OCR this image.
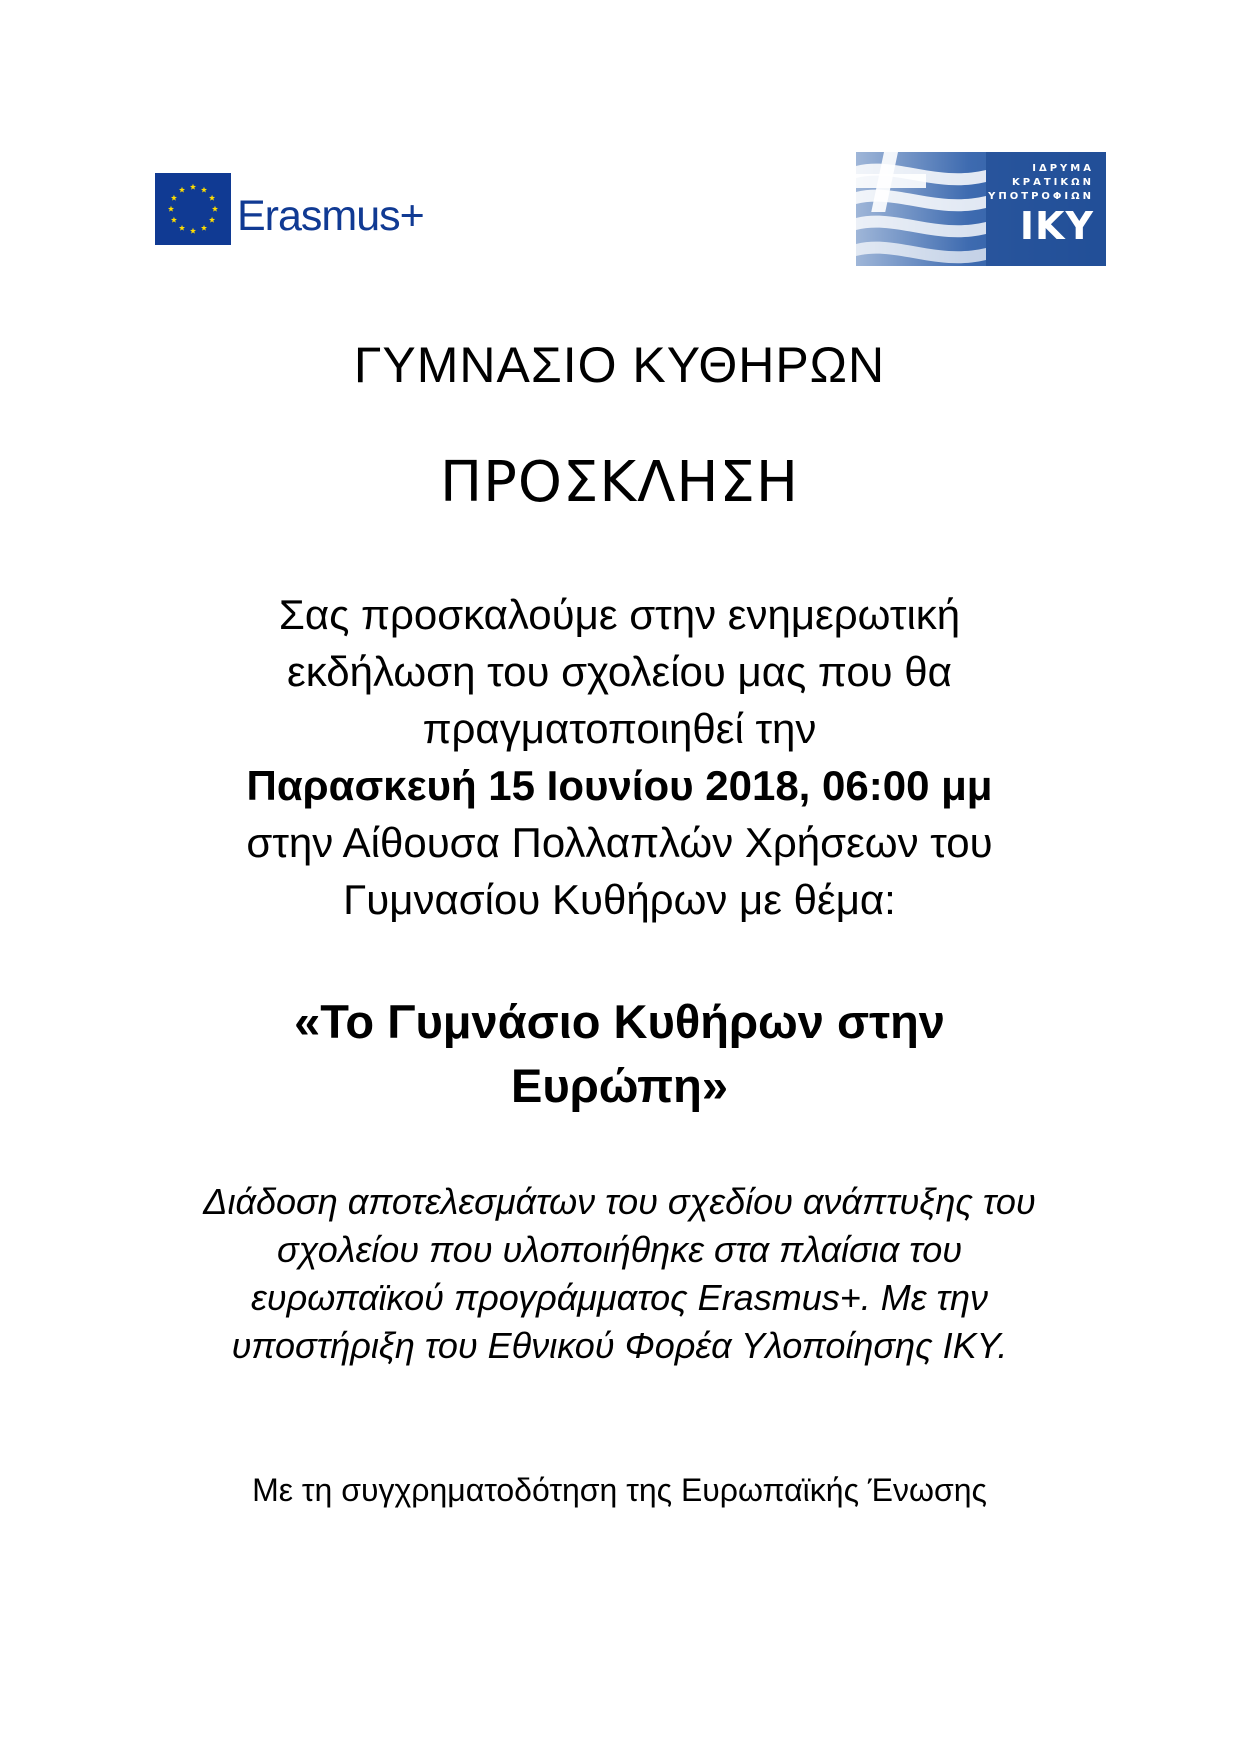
Erasmus+
ΙΔΡΥΜΑ
ΚΡΑΤΙΚΩΝ
ΥΠΟΤΡΟΦΙΩΝ
ΙΚΥ
ΓΥΜΝΑΣΙΟ ΚΥΘΗΡΩΝ
ΠΡΟΣΚΛΗΣΗ
Σας προσκαλούμε στην ενημερωτική
εκδήλωση του σχολείου μας που θα
πραγματοποιηθεί την
Παρασκευή 15 Ιουνίου 2018, 06:00 μμ
στην Αίθουσα Πολλαπλών Χρήσεων του
Γυμνασίου Κυθήρων με θέμα:
«Το Γυμνάσιο Κυθήρων στην
Ευρώπη»
Διάδοση αποτελεσμάτων του σχεδίου ανάπτυξης του
σχολείου που υλοποιήθηκε στα πλαίσια του
ευρωπαϊκού προγράμματος Erasmus+. Με την
υποστήριξη του Εθνικού Φορέα Υλοποίησης ΙΚΥ.
Με τη συγχρηματοδότηση της Ευρωπαϊκής Ένωσης
